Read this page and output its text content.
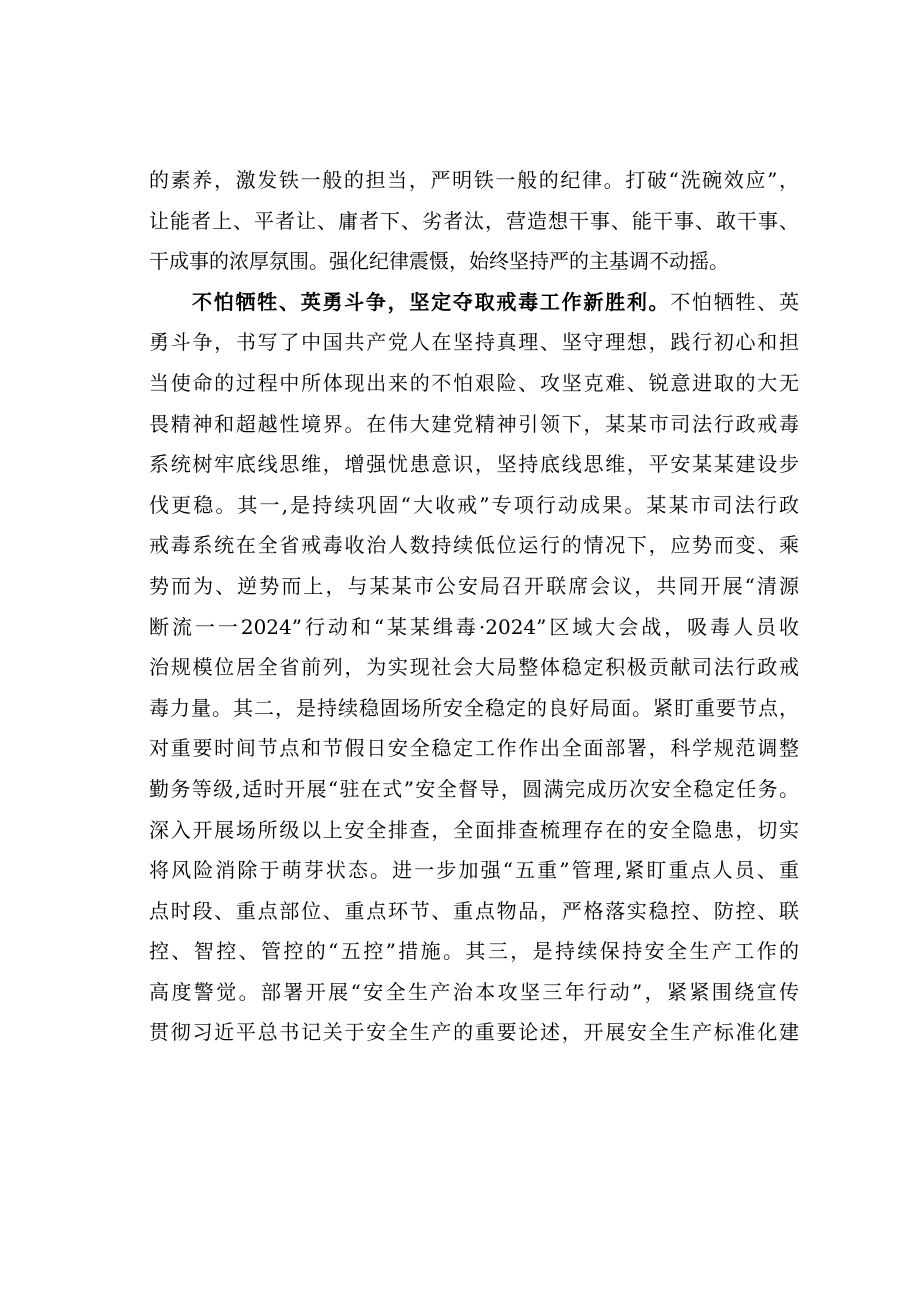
的素养，激发铁一般的担当，严明铁一般的纪律。打破“洗碗效应”，
让能者上、平者让、庸者下、劣者汰，营造想干事、能干事、敢干事、
干成事的浓厚氛围。强化纪律震慑，始终坚持严的主基调不动摇。
不怕牺牲、英勇斗争，坚定夺取戒毒工作新胜利。不怕牺牲、英
勇斗争，书写了中国共产党人在坚持真理、坚守理想，践行初心和担
当使命的过程中所体现出来的不怕艰险、攻坚克难、锐意进取的大无
畏精神和超越性境界。在伟大建党精神引领下，某某市司法行政戒毒
系统树牢底线思维，增强忧患意识，坚持底线思维，平安某某建设步
伐更稳。其一,是持续巩固“大收戒”专项行动成果。某某市司法行政
戒毒系统在全省戒毒收治人数持续低位运行的情况下，应势而变、乘
势而为、逆势而上，与某某市公安局召开联席会议，共同开展“清源
断流一一2024”行动和“某某缉毒·2024”区域大会战，吸毒人员收
治规模位居全省前列，为实现社会大局整体稳定积极贡献司法行政戒
毒力量。其二，是持续稳固场所安全稳定的良好局面。紧盯重要节点，
对重要时间节点和节假日安全稳定工作作出全面部署，科学规范调整
勤务等级,适时开展“驻在式”安全督导，圆满完成历次安全稳定任务。
深入开展场所级以上安全排查，全面排查梳理存在的安全隐患，切实
将风险消除于萌芽状态。进一步加强“五重”管理,紧盯重点人员、重
点时段、重点部位、重点环节、重点物品，严格落实稳控、防控、联
控、智控、管控的“五控”措施。其三，是持续保持安全生产工作的
高度警觉。部署开展“安全生产治本攻坚三年行动”，紧紧围绕宣传
贯彻习近平总书记关于安全生产的重要论述，开展安全生产标准化建
